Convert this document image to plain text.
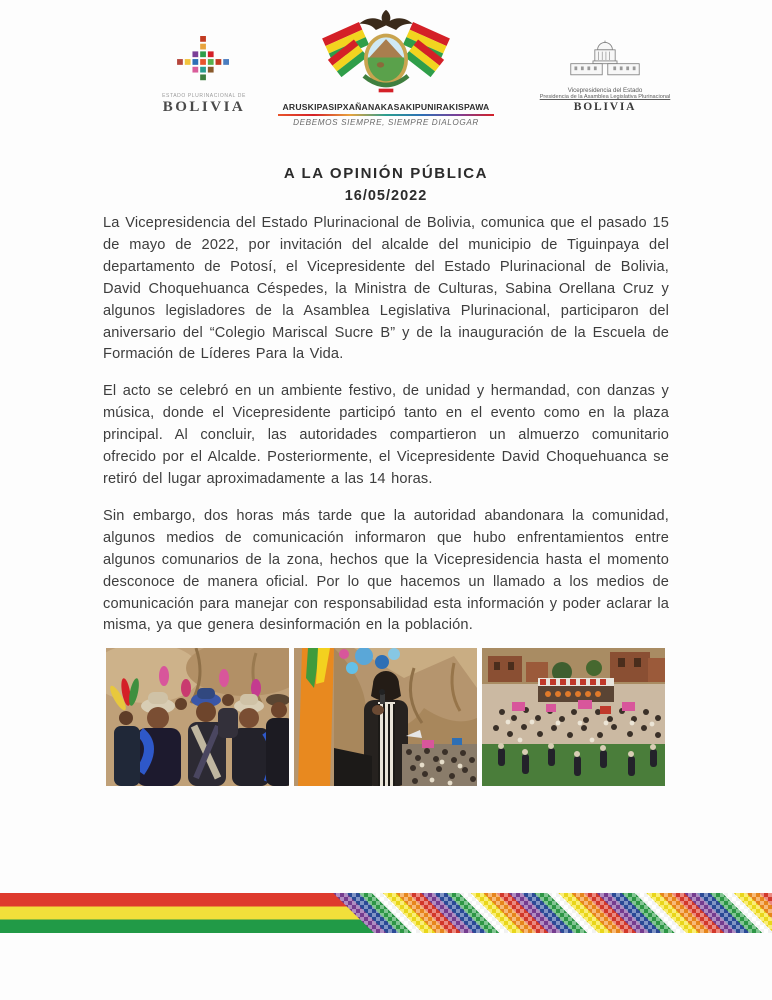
ESTADO PLURINACIONAL DE
BOLIVIA	ARUSKIPASIPXAÑANAKASAKIPUNIRAKISPAWA
DEBEMOS SIEMPRE, SIEMPRE DIALOGAR
Vicepresidencia del Estado
Presidencia de la Asamblea Legislativa Plurinacional
BOLIVIA
A LA OPINIÓN PÚBLICA
16/05/2022

La Vicepresidencia del Estado Plurinacional de Bolivia, comunica que el pasado 15 de mayo de 2022, por invitación del alcalde del municipio de Tiguinpaya del departamento de Potosí, el Vicepresidente del Estado Plurinacional de Bolivia, David Choquehuanca Céspedes, la Ministra de Culturas, Sabina Orellana Cruz y algunos legisladores de la Asamblea Legislativa Plurinacional, participaron del aniversario del “Colegio Mariscal Sucre B” y de la inauguración de la Escuela de Formación de Líderes Para la Vida.

El acto se celebró en un ambiente festivo, de unidad y hermandad, con danzas y música, donde el Vicepresidente participó tanto en el evento como en la plaza principal. Al concluir, las autoridades compartieron un almuerzo comunitario ofrecido por el Alcalde. Posteriormente, el Vicepresidente David Choquehuanca se retiró del lugar aproximadamente a las 14 horas.

Sin embargo, dos horas más tarde que la autoridad abandonara la comunidad, algunos medios de comunicación informaron que hubo enfrentamientos entre algunos comunarios de la zona, hechos que la Vicepresidencia hasta el momento desconoce de manera oficial. Por lo que hacemos un llamado a los medios de comunicación para manejar con responsabilidad esta información y poder aclarar la misma, ya que genera desinformación en la población.
